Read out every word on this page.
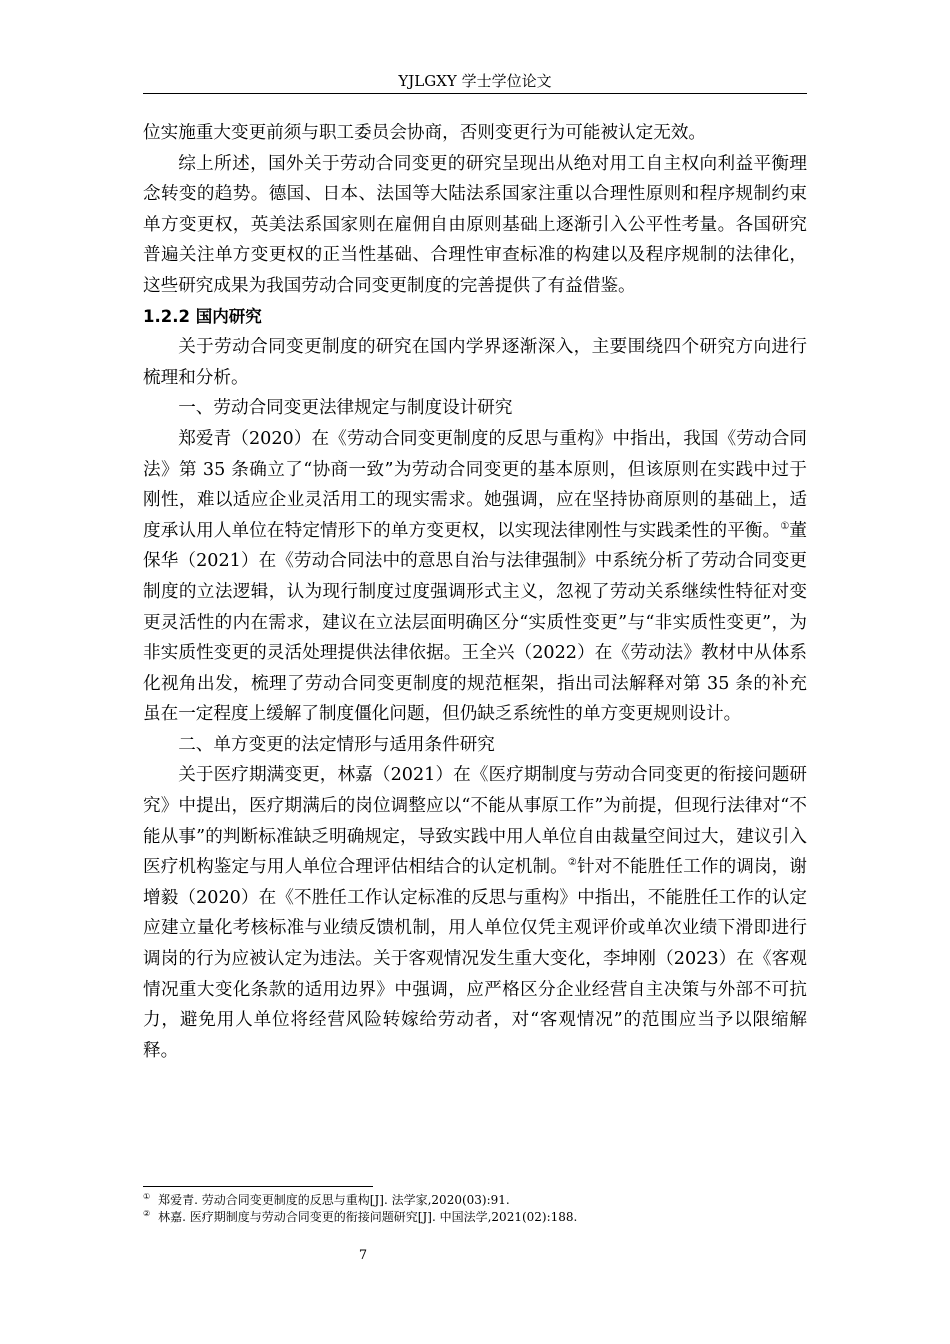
YJLGXY 学士学位论文

位实施重大变更前须与职工委员会协商，否则变更行为可能被认定无效。

综上所述，国外关于劳动合同变更的研究呈现出从绝对用工自主权向利益平衡理念转变的趋势。德国、日本、法国等大陆法系国家注重以合理性原则和程序规制约束单方变更权，英美法系国家则在雇佣自由原则基础上逐渐引入公平性考量。各国研究普遍关注单方变更权的正当性基础、合理性审查标准的构建以及程序规制的法律化，这些研究成果为我国劳动合同变更制度的完善提供了有益借鉴。

1.2.2 国内研究

关于劳动合同变更制度的研究在国内学界逐渐深入，主要围绕四个研究方向进行梳理和分析。

一、劳动合同变更法律规定与制度设计研究

郑爱青（2020）在《劳动合同变更制度的反思与重构》中指出，我国《劳动合同法》第 35 条确立了“协商一致”为劳动合同变更的基本原则，但该原则在实践中过于刚性，难以适应企业灵活用工的现实需求。她强调，应在坚持协商原则的基础上，适度承认用人单位在特定情形下的单方变更权，以实现法律刚性与实践柔性的平衡。①董保华（2021）在《劳动合同法中的意思自治与法律强制》中系统分析了劳动合同变更制度的立法逻辑，认为现行制度过度强调形式主义，忽视了劳动关系继续性特征对变更灵活性的内在需求，建议在立法层面明确区分“实质性变更”与“非实质性变更”，为非实质性变更的灵活处理提供法律依据。王全兴（2022）在《劳动法》教材中从体系化视角出发，梳理了劳动合同变更制度的规范框架，指出司法解释对第 35 条的补充虽在一定程度上缓解了制度僵化问题，但仍缺乏系统性的单方变更规则设计。

二、单方变更的法定情形与适用条件研究

关于医疗期满变更，林嘉（2021）在《医疗期制度与劳动合同变更的衔接问题研究》中提出，医疗期满后的岗位调整应以“不能从事原工作”为前提，但现行法律对“不能从事”的判断标准缺乏明确规定，导致实践中用人单位自由裁量空间过大，建议引入医疗机构鉴定与用人单位合理评估相结合的认定机制。②针对不能胜任工作的调岗，谢增毅（2020）在《不胜任工作认定标准的反思与重构》中指出，不能胜任工作的认定应建立量化考核标准与业绩反馈机制，用人单位仅凭主观评价或单次业绩下滑即进行调岗的行为应被认定为违法。关于客观情况发生重大变化，李坤刚（2023）在《客观情况重大变化条款的适用边界》中强调，应严格区分企业经营自主决策与外部不可抗力，避免用人单位将经营风险转嫁给劳动者，对“客观情况”的范围应当予以限缩解释。

① 郑爱青. 劳动合同变更制度的反思与重构[J]. 法学家,2020(03):91.

② 林嘉. 医疗期制度与劳动合同变更的衔接问题研究[J]. 中国法学,2021(02):188.

7
